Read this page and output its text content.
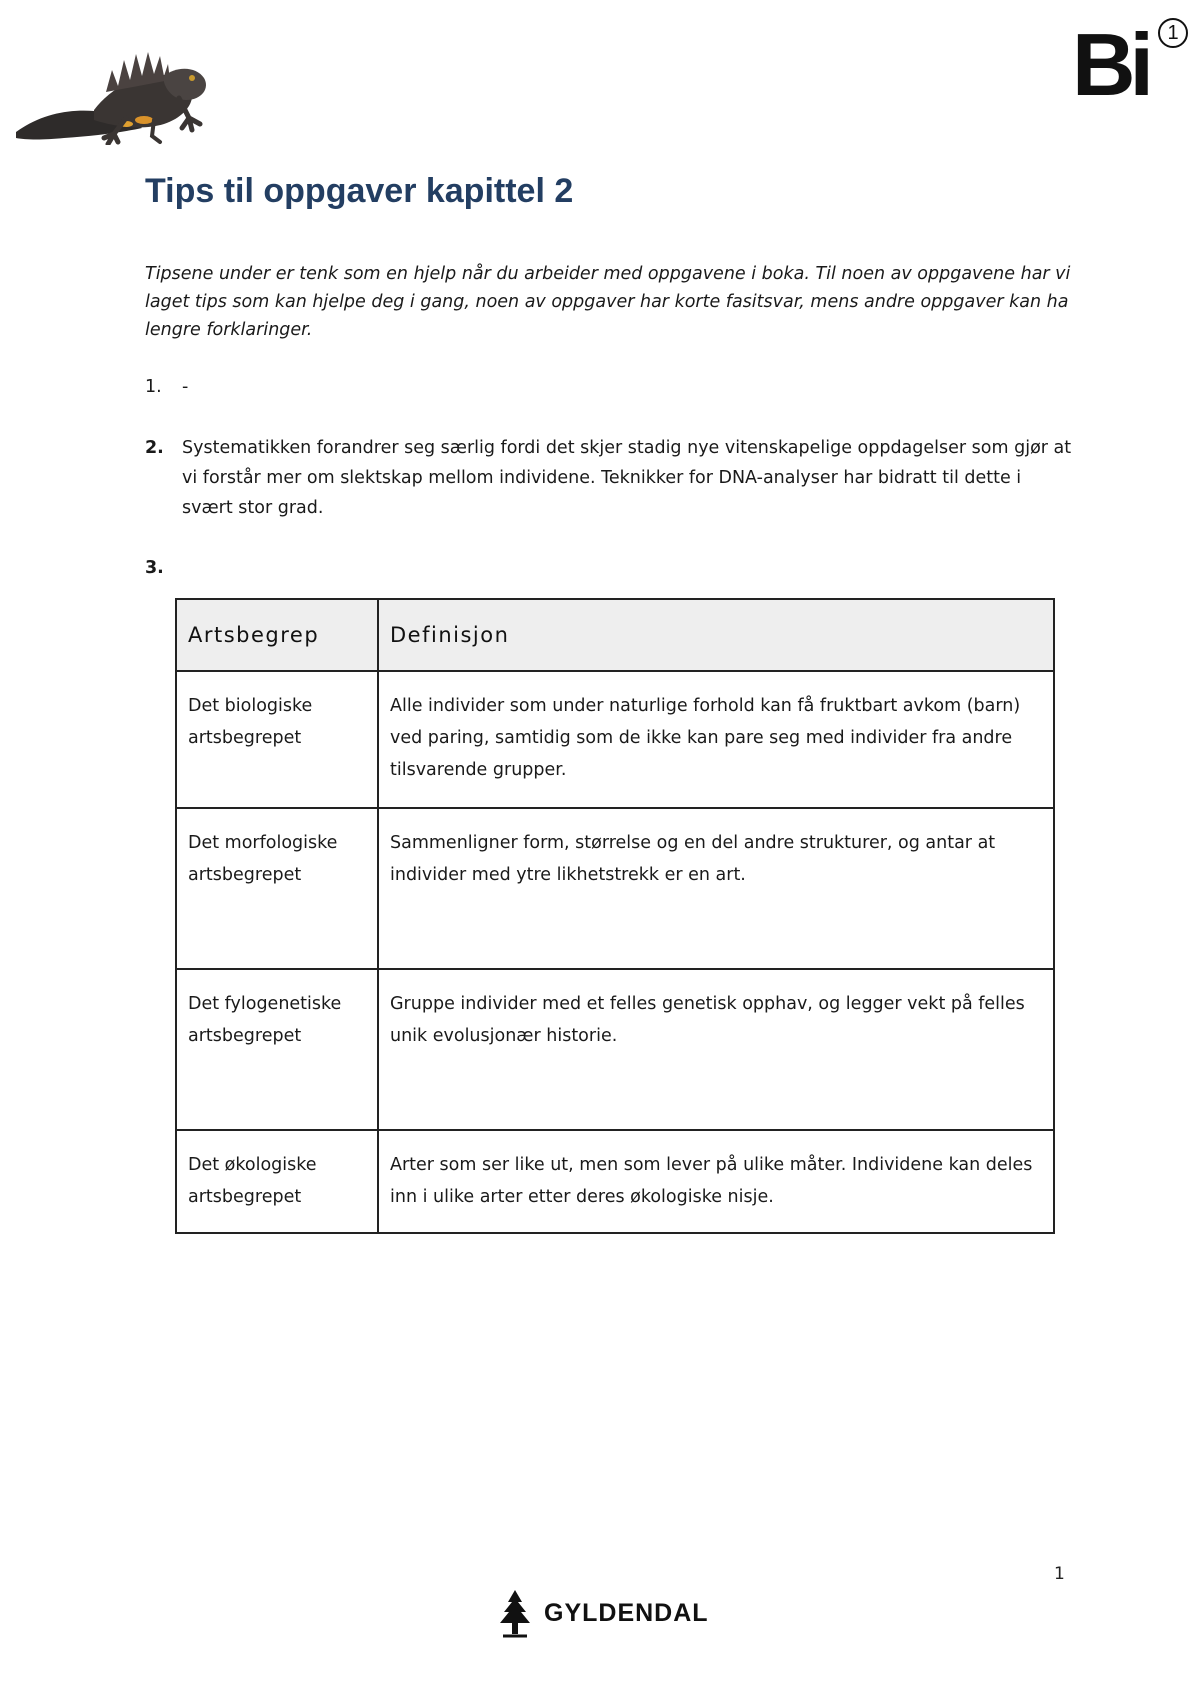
Bi 1
Tips til oppgaver kapittel 2

Tipsene under er tenk som en hjelp når du arbeider med oppgavene i boka. Til noen av oppgavene har vi laget tips som kan hjelpe deg i gang, noen av oppgaver har korte fasitsvar, mens andre oppgaver kan ha lengre forklaringer.

1. -
2. Systematikken forandrer seg særlig fordi det skjer stadig nye vitenskapelige oppdagelser som gjør at vi forstår mer om slektskap mellom individene. Teknikker for DNA-analyser har bidratt til dette i svært stor grad.
3.
Artsbegrep	Definisjon
Det biologiske artsbegrepet	Alle individer som under naturlige forhold kan få fruktbart avkom (barn) ved paring, samtidig som de ikke kan pare seg med individer fra andre tilsvarende grupper.
Det morfologiske artsbegrepet	Sammenligner form, størrelse og en del andre strukturer, og antar at individer med ytre likhetstrekk er en art.
Det fylogenetiske artsbegrepet	Gruppe individer med et felles genetisk opphav, og legger vekt på felles unik evolusjonær historie.
Det økologiske artsbegrepet	Arter som ser like ut, men som lever på ulike måter. Individene kan deles inn i ulike arter etter deres økologiske nisje.
1
GYLDENDAL
